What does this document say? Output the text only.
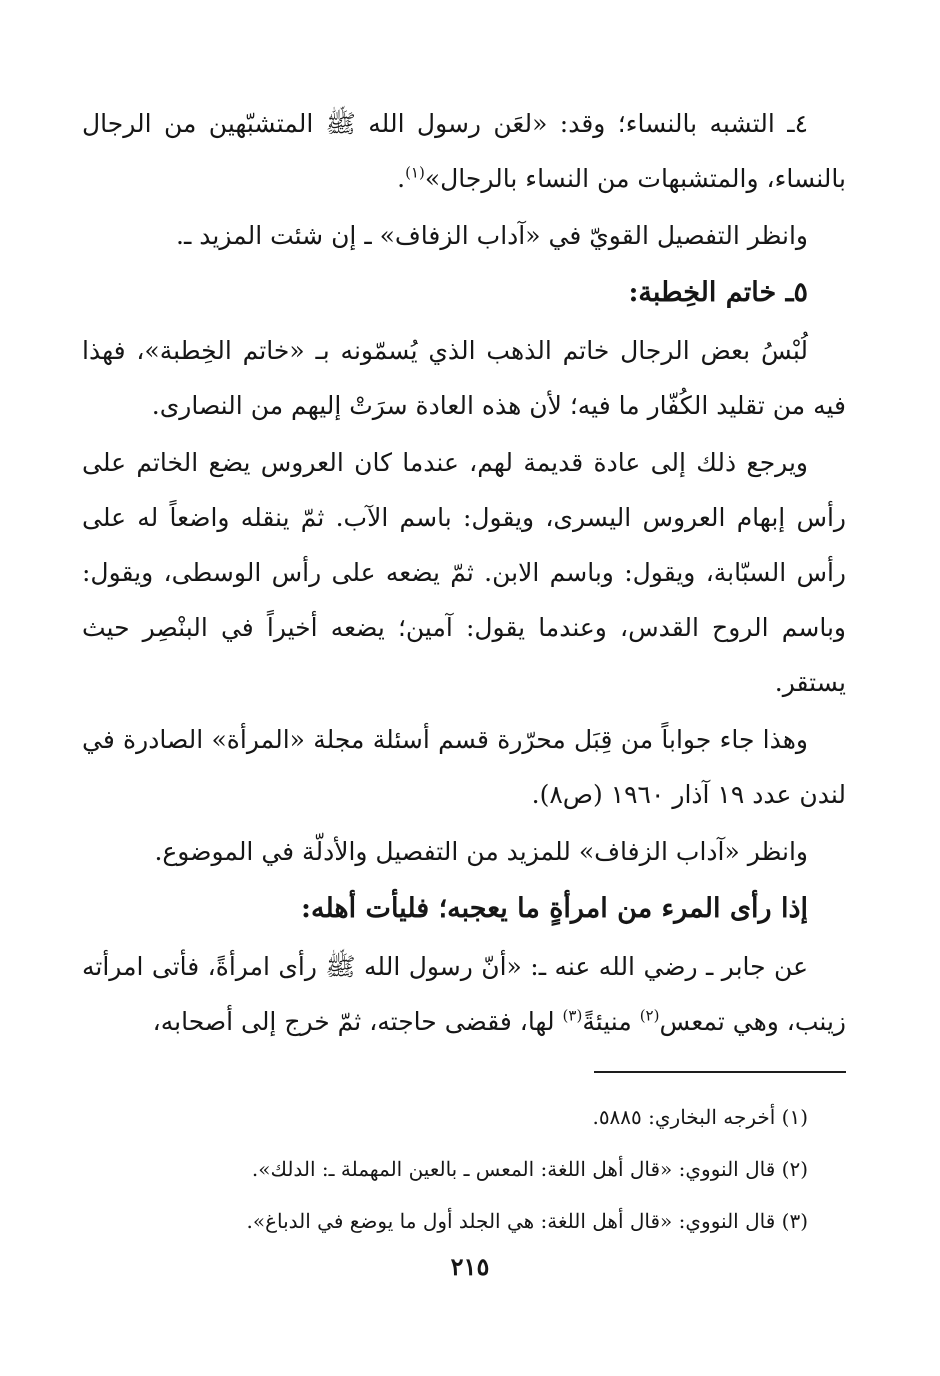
٤ـ التشبه بالنساء؛ وقد: «لعَن رسول الله ﷺ المتشبّهين من الرجال بالنساء، والمتشبهات من النساء بالرجال»$^{(١)}$.

وانظر التفصيل القويّ في «آداب الزفاف» ـ إن شئت المزيد ـ.

٥ـ خاتم الخِطبة:

لُبْسُ بعض الرجال خاتم الذهب الذي يُسمّونه بـ «خاتم الخِطبة»، فهذا فيه من تقليد الكُفّار ما فيه؛ لأن هذه العادة سرَتْ إليهم من النصارى.

ويرجع ذلك إلى عادة قديمة لهم، عندما كان العروس يضع الخاتم على رأس إبهام العروس اليسرى، ويقول: باسم الآب. ثمّ ينقله واضعاً له على رأس السبّابة، ويقول: وباسم الابن. ثمّ يضعه على رأس الوسطى، ويقول: وباسم الروح القدس، وعندما يقول: آمين؛ يضعه أخيراً في البنْصِر حيث يستقر.

وهذا جاء جواباً من قِبَل محرّرة قسم أسئلة مجلة «المرأة» الصادرة في لندن عدد ١٩ آذار ١٩٦٠ (ص٨).

وانظر «آداب الزفاف» للمزيد من التفصيل والأدلّة في الموضوع.

إذا رأى المرء من امرأةٍ ما يعجبه؛ فليأت أهله:

عن جابر ـ رضي الله عنه ـ: «أنّ رسول الله ﷺ رأى امرأةً، فأتى امرأته زينب، وهي تمعس$^{(٢)}$ منيئةً$^{(٣)}$ لها، فقضى حاجته، ثمّ خرج إلى أصحابه،

(١) أخرجه البخاري: ٥٨٨٥.

(٢) قال النووي: «قال أهل اللغة: المعس ـ بالعين المهملة ـ: الدلك».

(٣) قال النووي: «قال أهل اللغة: هي الجلد أول ما يوضع في الدباغ».

٢١٥
